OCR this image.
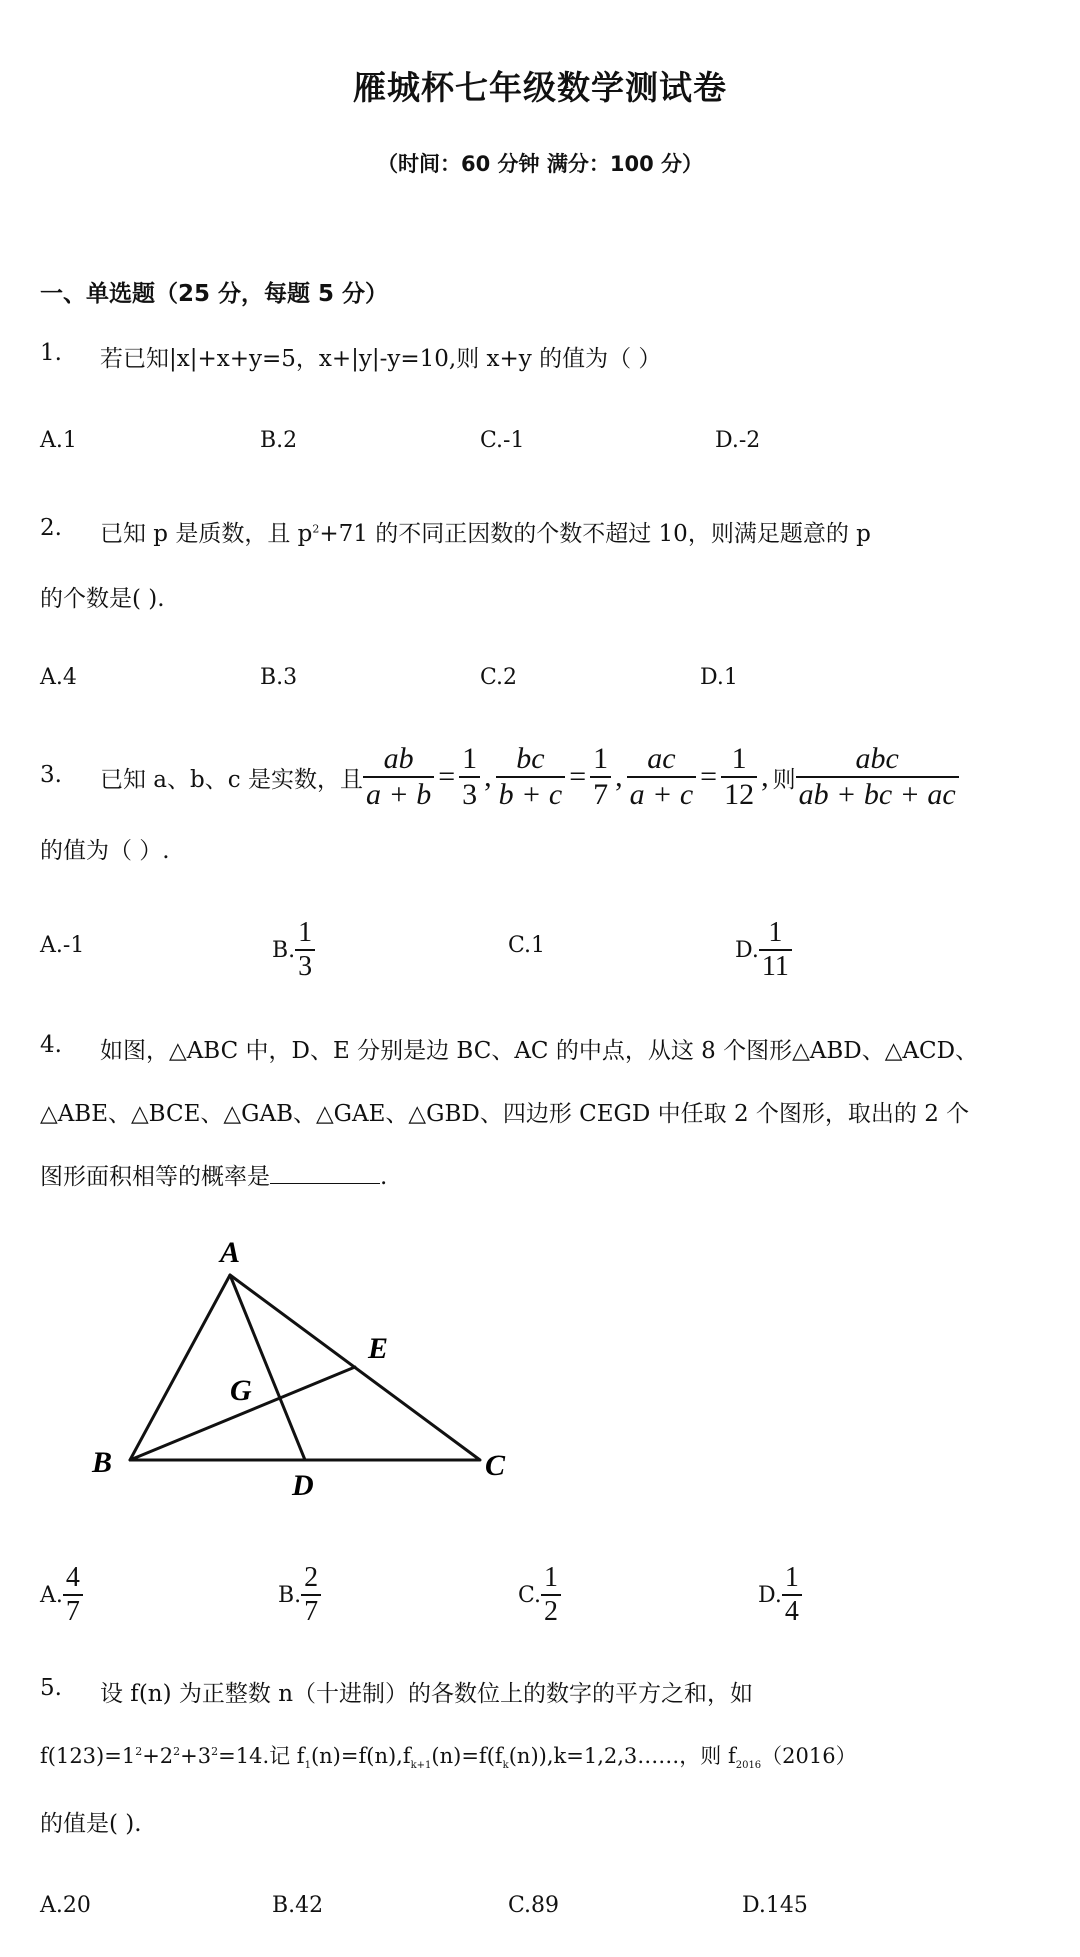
雁城杯七年级数学测试卷
（时间：60 分钟 满分：100 分）
一、单选题（25 分，每题 5 分）
1. 若已知|x|+x+y=5，x+|y|-y=10,则 x+y 的值为（ ）
A.1	B.2	C.-1	D.-2
2. 已知 p 是质数，且 $p^2+71$ 的不同正因数的个数不超过 10，则满足题意的 p
的个数是( ).
A.4	B.3	C.2	D.1
3. 已知 a、b、c 是实数，且 $\frac{ab}{a + b} = \frac{1}{3}$ , $\frac{bc}{b + c} = \frac{1}{7}$ , $\frac{ac}{a + c} = \frac{1}{12}$ , 则 $\frac{\text{abc}}{ab + bc + ac}$
的值为（ ）.
A.-1	B. $\frac{1}{3}$	C.1	D. $\frac{1}{11}$
4. 如图，△ABC 中，D、E 分别是边 BC、AC 的中点，从这 8 个图形△ABD、△ACD、
△ABE、△BCE、△GAB、△GAE、△GBD、四边形 CEGD 中任取 2 个图形，取出的 2 个
图形面积相等的概率是	.
A
B	C
D
E
G
A. $\frac{4}{7}$	B. $\frac{2}{7}$	C. $\frac{1}{2}$	D. $\frac{1}{4}$
5. 设 f(n) 为正整数 n（十进制）的各数位上的数字的平方之和，如
$f(123)=1^2+2^2+3^2=14$.记 $f_1(n)=f(n),f_{k+1}(n)=f(f_k(n)),k=1,2,3\dots\dots$，则 $f_{2016}(2016)$
的值是( ).
A.20	B.42	C.89	D.145
